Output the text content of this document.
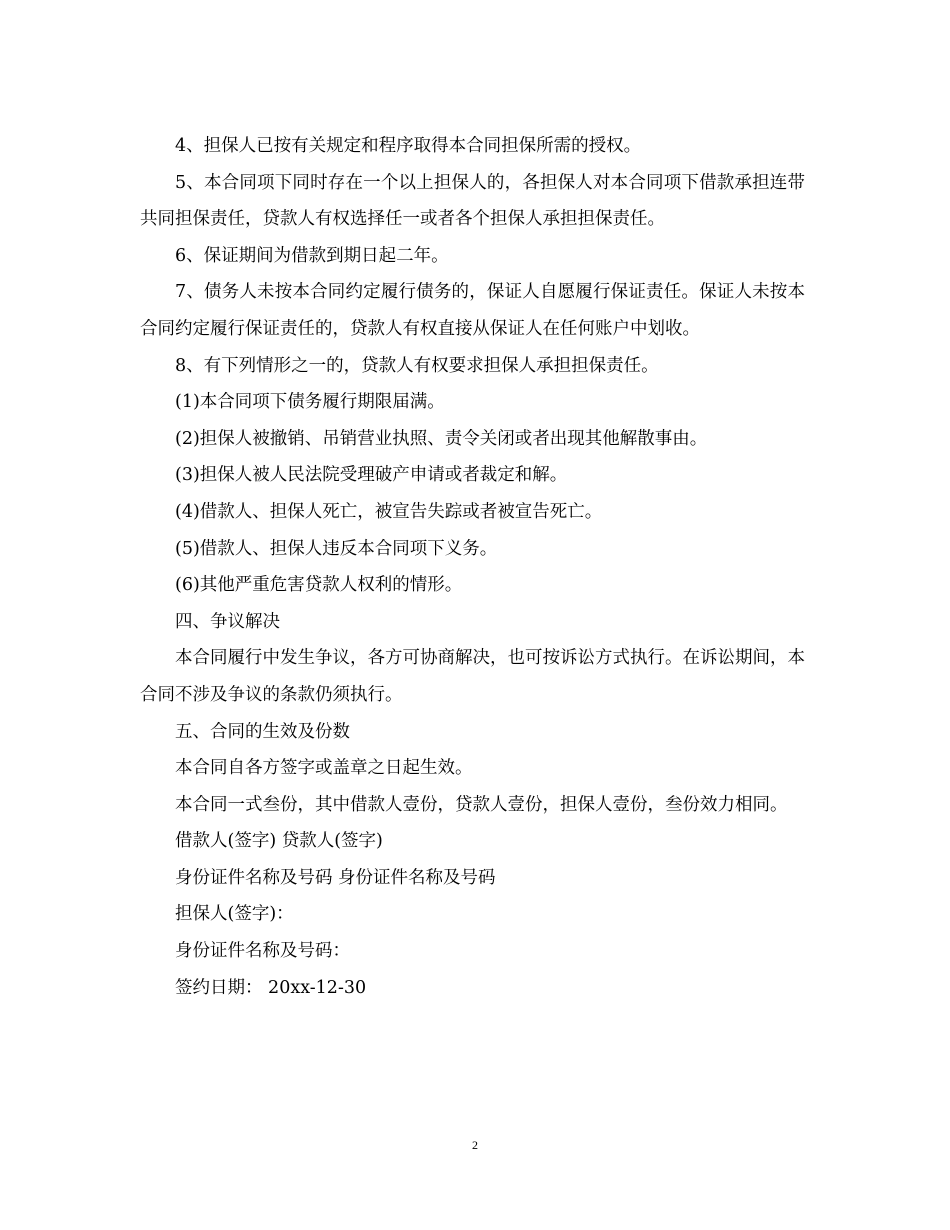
4、担保人已按有关规定和程序取得本合同担保所需的授权。

5、本合同项下同时存在一个以上担保人的，各担保人对本合同项下借款承担连带共同担保责任，贷款人有权选择任一或者各个担保人承担担保责任。

6、保证期间为借款到期日起二年。

7、债务人未按本合同约定履行债务的，保证人自愿履行保证责任。保证人未按本合同约定履行保证责任的，贷款人有权直接从保证人在任何账户中划收。

8、有下列情形之一的，贷款人有权要求担保人承担担保责任。

(1)本合同项下债务履行期限届满。

(2)担保人被撤销、吊销营业执照、责令关闭或者出现其他解散事由。

(3)担保人被人民法院受理破产申请或者裁定和解。

(4)借款人、担保人死亡，被宣告失踪或者被宣告死亡。

(5)借款人、担保人违反本合同项下义务。

(6)其他严重危害贷款人权利的情形。

四、争议解决

本合同履行中发生争议，各方可协商解决，也可按诉讼方式执行。在诉讼期间，本合同不涉及争议的条款仍须执行。

五、合同的生效及份数

本合同自各方签字或盖章之日起生效。

本合同一式叁份，其中借款人壹份，贷款人壹份，担保人壹份，叁份效力相同。

借款人(签字) 贷款人(签字)

身份证件名称及号码 身份证件名称及号码

担保人(签字)：

身份证件名称及号码：

签约日期： 20xx-12-30

2
